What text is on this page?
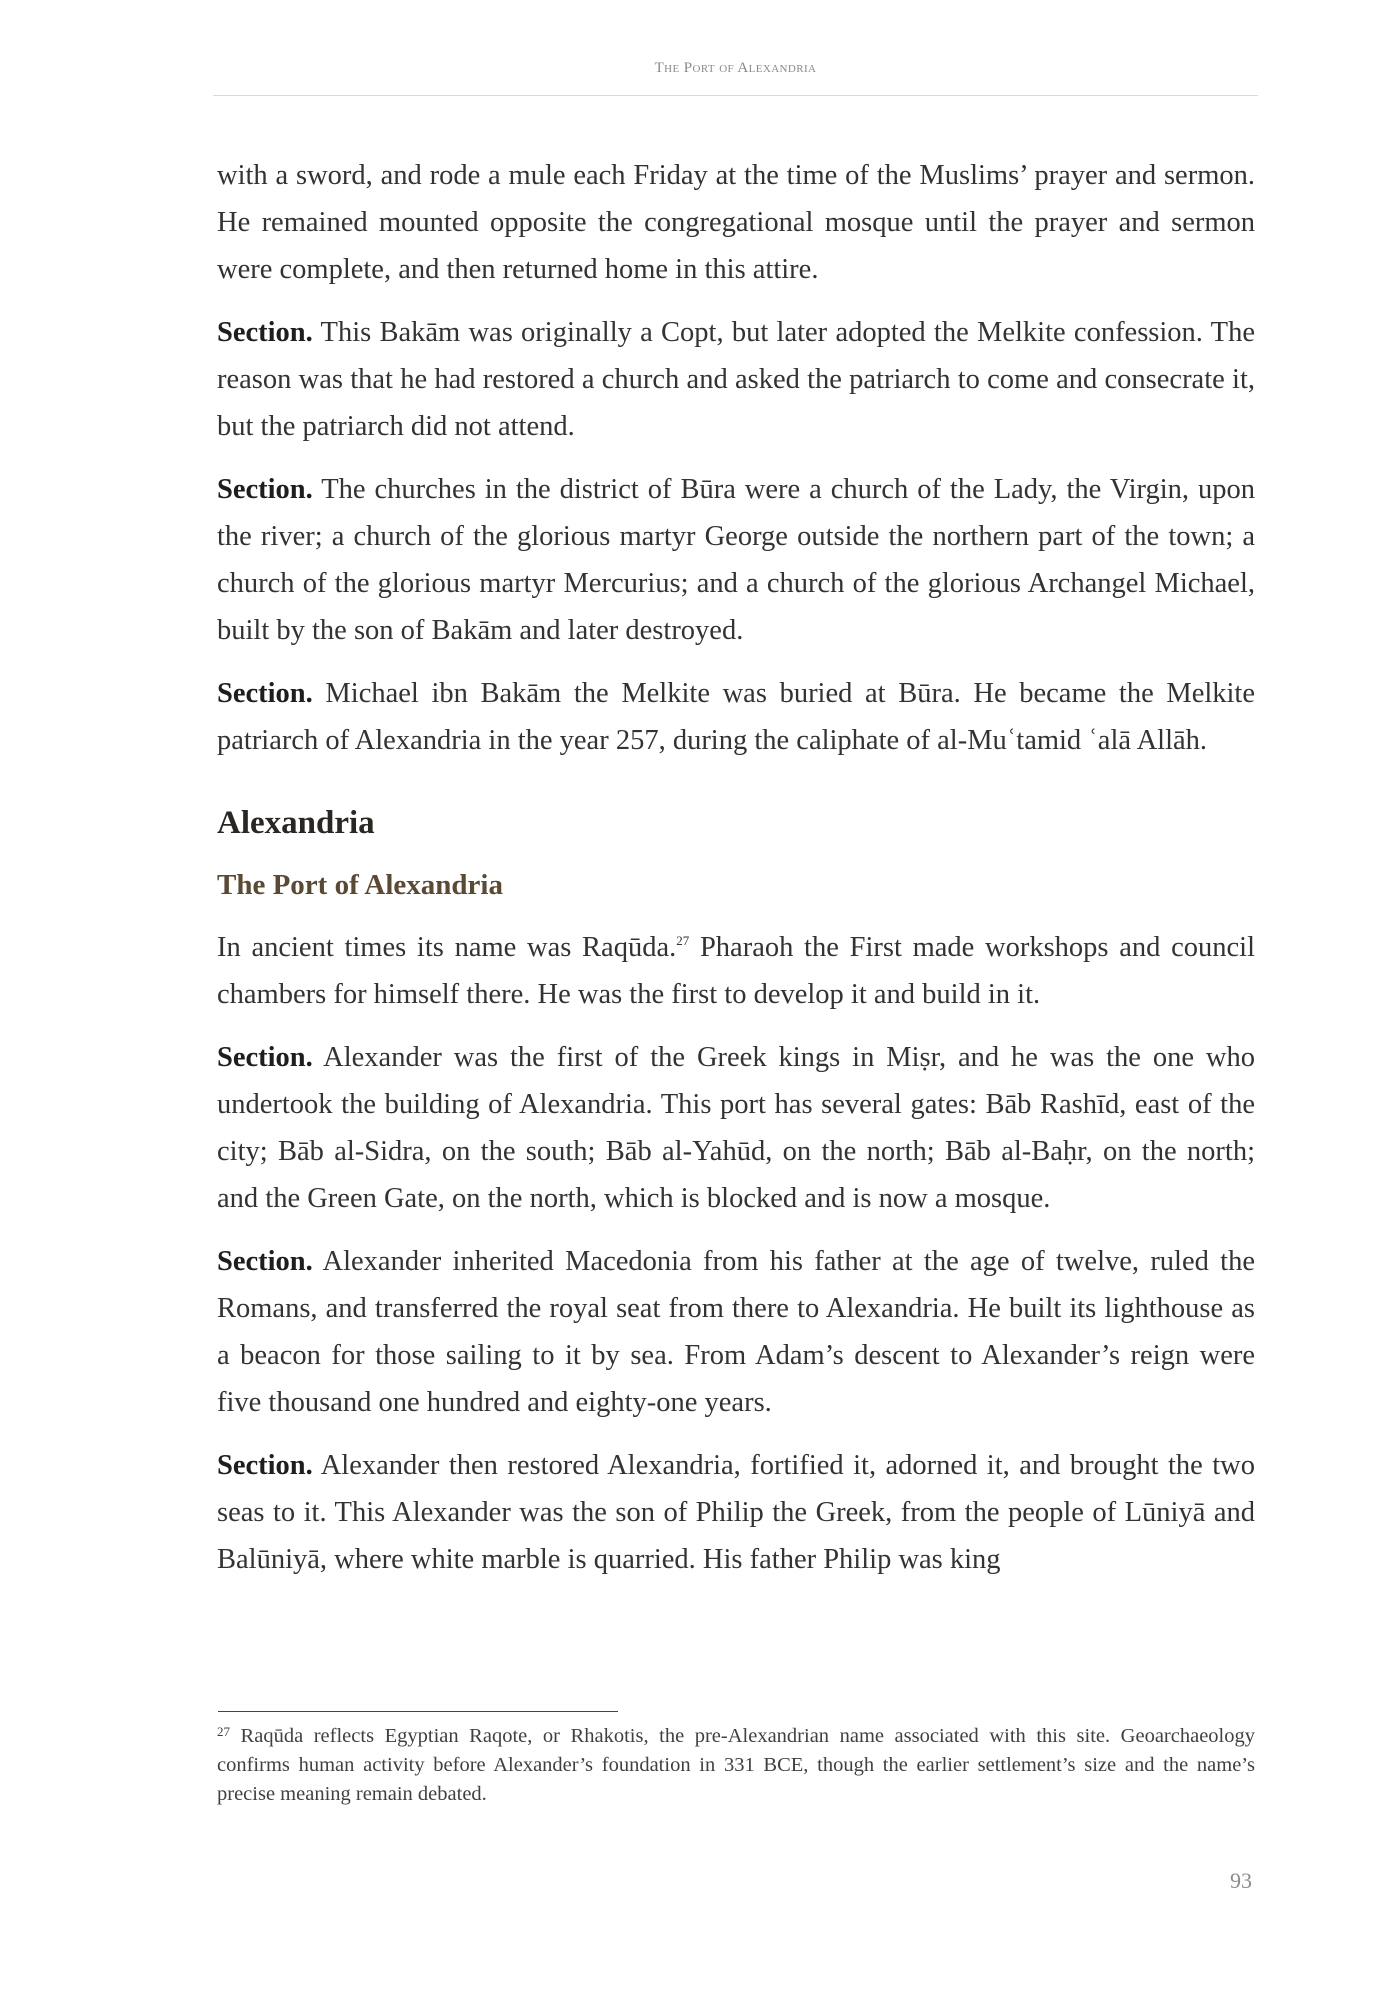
The Port of Alexandria

with a sword, and rode a mule each Friday at the time of the Muslims’ prayer and sermon. He remained mounted opposite the congregational mosque until the prayer and sermon were complete, and then returned home in this attire.

Section. This Bakām was originally a Copt, but later adopted the Melkite confession. The reason was that he had restored a church and asked the patriarch to come and consecrate it, but the patriarch did not attend.

Section. The churches in the district of Būra were a church of the Lady, the Virgin, upon the river; a church of the glorious martyr George outside the northern part of the town; a church of the glorious martyr Mercurius; and a church of the glorious Archangel Michael, built by the son of Bakām and later destroyed.

Section. Michael ibn Bakām the Melkite was buried at Būra. He became the Melkite patriarch of Alexandria in the year 257, during the caliphate of al-Muʿtamid ʿalā Allāh.

Alexandria
The Port of Alexandria

In ancient times its name was Raqūda.$^{27}$ Pharaoh the First made workshops and council chambers for himself there. He was the first to develop it and build in it.

Section. Alexander was the first of the Greek kings in Miṣr, and he was the one who undertook the building of Alexandria. This port has several gates: Bāb Rashīd, east of the city; Bāb al-Sidra, on the south; Bāb al-Yahūd, on the north; Bāb al-Baḥr, on the north; and the Green Gate, on the north, which is blocked and is now a mosque.

Section. Alexander inherited Macedonia from his father at the age of twelve, ruled the Romans, and transferred the royal seat from there to Alexandria. He built its lighthouse as a beacon for those sailing to it by sea. From Adam’s descent to Alexander’s reign were five thousand one hundred and eighty-one years.

Section. Alexander then restored Alexandria, fortified it, adorned it, and brought the two seas to it. This Alexander was the son of Philip the Greek, from the people of Lūniyā and Balūniyā, where white marble is quarried. His father Philip was king

$^{27}$ Raqūda reflects Egyptian Raqote, or Rhakotis, the pre-Alexandrian name associated with this site. Geoarchaeology confirms human activity before Alexander’s foundation in 331 BCE, though the earlier settlement’s size and the name’s precise meaning remain debated.

93
